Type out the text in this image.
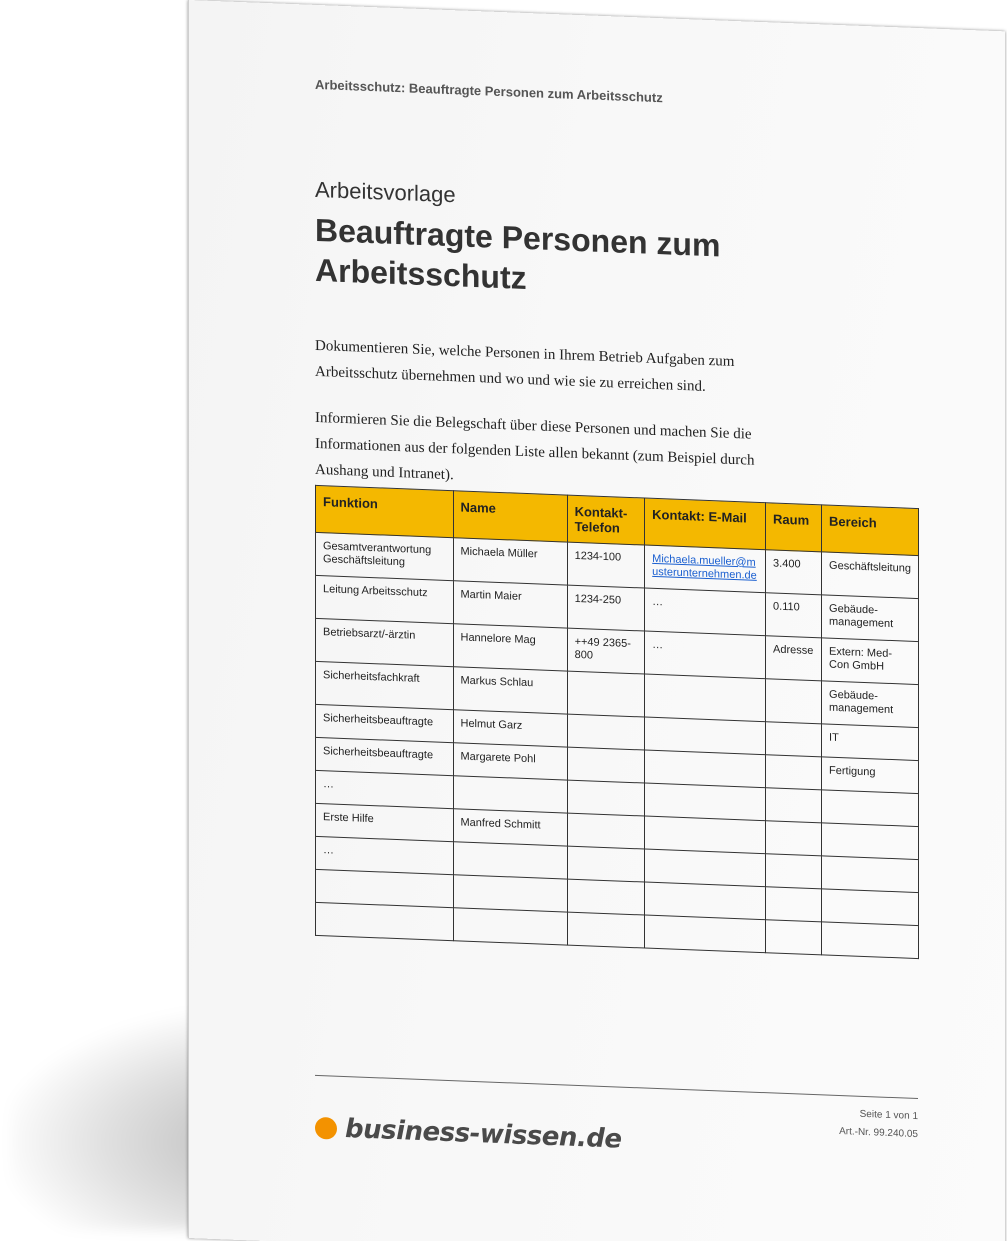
Arbeitsschutz: Beauftragte Personen zum Arbeitsschutz
Arbeitsvorlage
Beauftragte Personen zum Arbeitsschutz

Dokumentieren Sie, welche Personen in Ihrem Betrieb Aufgaben zum Arbeitsschutz übernehmen und wo und wie sie zu erreichen sind.

Informieren Sie die Belegschaft über diese Personen und machen Sie die Informationen aus der folgenden Liste allen bekannt (zum Beispiel durch Aushang und Intranet).

Funktion	Name	Kontakt-Telefon	Kontakt: E-Mail	Raum	Bereich
Gesamtverantwortung Geschäftsleitung	Michaela Müller	1234-100	Michaela.mueller@musterunternehmen.de	3.400	Geschäftsleitung
Leitung Arbeitsschutz	Martin Maier	1234-250	…	0.110	Gebäude-management
Betriebsarzt/-ärztin	Hannelore Mag	++49 2365-800	…	Adresse	Extern: Med-Con GmbH
Sicherheitsfachkraft	Markus Schlau				Gebäude-management
Sicherheitsbeauftragte	Helmut Garz				IT
Sicherheitsbeauftragte	Margarete Pohl				Fertigung
…					
Erste Hilfe	Manfred Schmitt				
…					

Seite 1 von 1
Art.-Nr. 99.240.05
business-wissen.de
